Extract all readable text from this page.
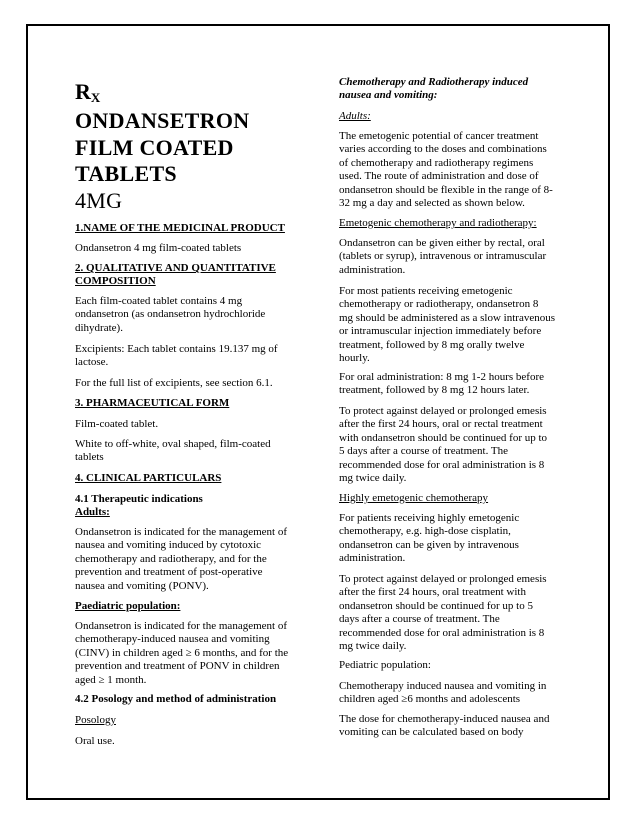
$R_X$
ONDANSETRON
FILM COATED
TABLETS
4MG

1.NAME OF THE MEDICINAL PRODUCT

Ondansetron 4 mg film-coated tablets

2. QUALITATIVE AND QUANTITATIVE

COMPOSITION

Each film-coated tablet contains 4 mg

ondansetron (as ondansetron hydrochloride

dihydrate).

Excipients: Each tablet contains 19.137 mg of

lactose.

For the full list of excipients, see section 6.1.

3. PHARMACEUTICAL FORM

Film-coated tablet.

White to off-white, oval shaped, film-coated

tablets

4. CLINICAL PARTICULARS

4.1 Therapeutic indications

Adults:

Ondansetron is indicated for the management of

nausea and vomiting induced by cytotoxic

chemotherapy and radiotherapy, and for the

prevention and treatment of post-operative

nausea and vomiting (PONV).

Paediatric population:

Ondansetron is indicated for the management of

chemotherapy-induced nausea and vomiting

(CINV) in children aged ≥ 6 months, and for the

prevention and treatment of PONV in children

aged ≥ 1 month.

4.2 Posology and method of administration

Posology

Oral use.

Chemotherapy and Radiotherapy induced

nausea and vomiting:

Adults:

The emetogenic potential of cancer treatment

varies according to the doses and combinations

of chemotherapy and radiotherapy regimens

used. The route of administration and dose of

ondansetron should be flexible in the range of 8-

32 mg a day and selected as shown below.

Emetogenic chemotherapy and radiotherapy:

Ondansetron can be given either by rectal, oral

(tablets or syrup), intravenous or intramuscular

administration.

For most patients receiving emetogenic

chemotherapy or radiotherapy, ondansetron 8

mg should be administered as a slow intravenous

or intramuscular injection immediately before

treatment, followed by 8 mg orally twelve

hourly.

For oral administration: 8 mg 1-2 hours before

treatment, followed by 8 mg 12 hours later.

To protect against delayed or prolonged emesis

after the first 24 hours, oral or rectal treatment

with ondansetron should be continued for up to

5 days after a course of treatment. The

recommended dose for oral administration is 8

mg twice daily.

Highly emetogenic chemotherapy

For patients receiving highly emetogenic

chemotherapy, e.g. high-dose cisplatin,

ondansetron can be given by intravenous

administration.

To protect against delayed or prolonged emesis

after the first 24 hours, oral treatment with

ondansetron should be continued for up to 5

days after a course of treatment. The

recommended dose for oral administration is 8

mg twice daily.

Pediatric population:

Chemotherapy induced nausea and vomiting in

children aged ≥6 months and adolescents

The dose for chemotherapy-induced nausea and

vomiting can be calculated based on body
